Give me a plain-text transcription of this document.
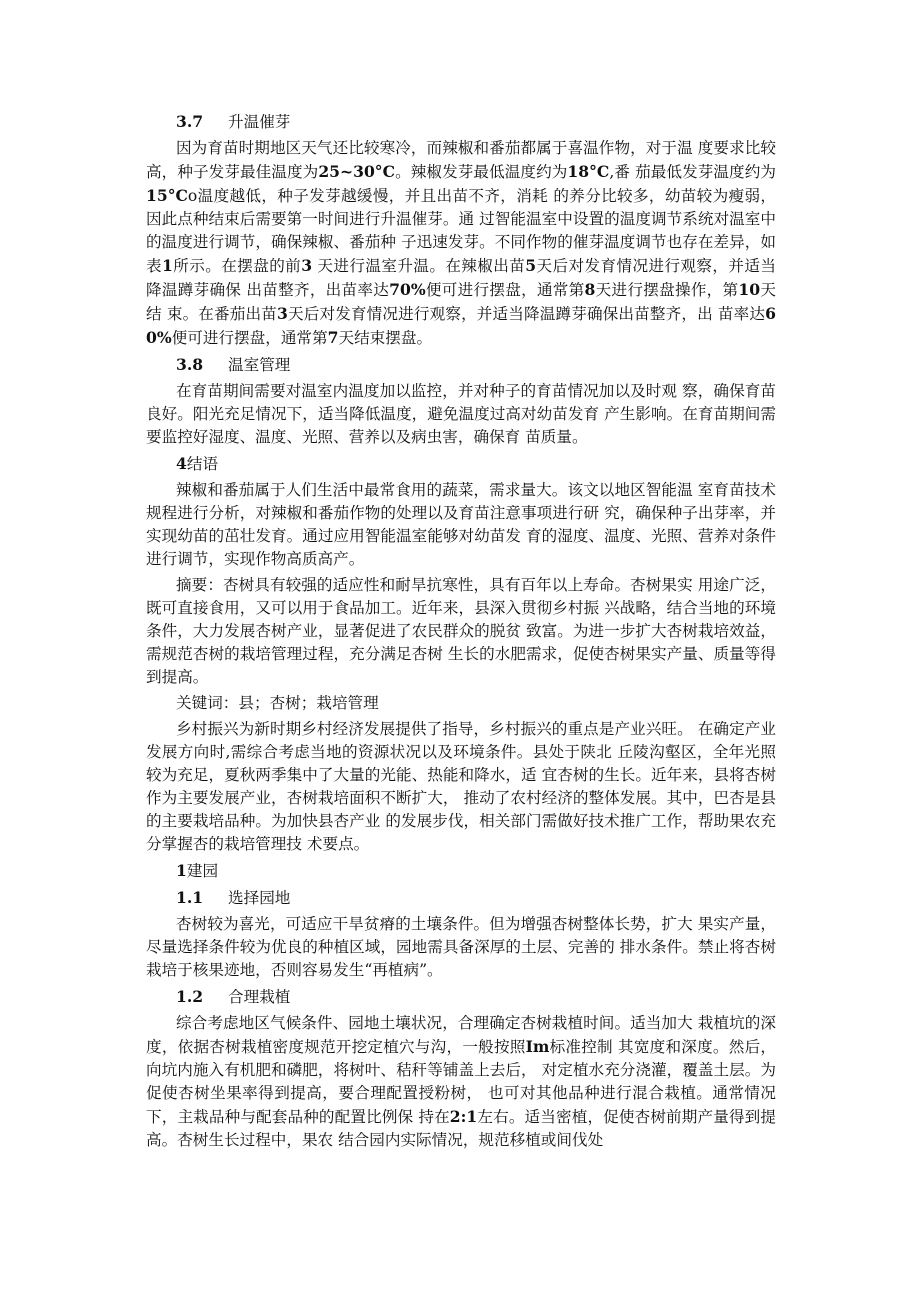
3.7 升温催芽

因为育苗时期地区天气还比较寒冷，而辣椒和番茄都属于喜温作物，对于温 度要求比较高，种子发芽最佳温度为25~30°C。辣椒发芽最低温度约为18°C,番 茄最低发芽温度约为15°Co温度越低，种子发芽越缓慢，并且出苗不齐，消耗 的养分比较多，幼苗较为瘦弱，因此点种结束后需要第一时间进行升温催芽。通 过智能温室中设置的温度调节系统对温室中的温度进行调节，确保辣椒、番茄种 子迅速发芽。不同作物的催芽温度调节也存在差异，如表1所示。在摆盘的前3 天进行温室升温。在辣椒出苗5天后对发育情况进行观察，并适当降温蹲芽确保 出苗整齐，出苗率达70%便可进行摆盘，通常第8天进行摆盘操作，第10天结 束。在番茄出苗3天后对发育情况进行观察，并适当降温蹲芽确保出苗整齐，出 苗率达60%便可进行摆盘，通常第7天结束摆盘。

3.8 温室管理

在育苗期间需要对温室内温度加以监控，并对种子的育苗情况加以及时观 察，确保育苗良好。阳光充足情况下，适当降低温度，避免温度过高对幼苗发育 产生影响。在育苗期间需要监控好湿度、温度、光照、营养以及病虫害，确保育 苗质量。

4结语

辣椒和番茄属于人们生活中最常食用的蔬菜，需求量大。该文以地区智能温 室育苗技术规程进行分析，对辣椒和番茄作物的处理以及育苗注意事项进行研 究，确保种子出芽率，并实现幼苗的茁壮发育。通过应用智能温室能够对幼苗发 育的湿度、温度、光照、营养对条件进行调节，实现作物高质高产。

摘要：杏树具有较强的适应性和耐旱抗寒性，具有百年以上寿命。杏树果实 用途广泛，既可直接食用，又可以用于食品加工。近年来，县深入贯彻乡村振 兴战略，结合当地的环境条件，大力发展杏树产业，显著促进了农民群众的脱贫 致富。为进一步扩大杏树栽培效益，需规范杏树的栽培管理过程，充分满足杏树 生长的水肥需求，促使杏树果实产量、质量等得到提高。

关键词：县；杏树；栽培管理

乡村振兴为新时期乡村经济发展提供了指导，乡村振兴的重点是产业兴旺。 在确定产业发展方向时,需综合考虑当地的资源状况以及环境条件。县处于陕北 丘陵沟壑区，全年光照较为充足，夏秋两季集中了大量的光能、热能和降水，适 宜杏树的生长。近年来，县将杏树作为主要发展产业，杏树栽培面积不断扩大， 推动了农村经济的整体发展。其中，巴杏是县的主要栽培品种。为加快县杏产业 的发展步伐，相关部门需做好技术推广工作，帮助果农充分掌握杏的栽培管理技 术要点。

1建园
1.1 选择园地

杏树较为喜光，可适应干旱贫瘠的土壤条件。但为增强杏树整体长势，扩大 果实产量，尽量选择条件较为优良的种植区域，园地需具备深厚的土层、完善的 排水条件。禁止将杏树栽培于核果迹地，否则容易发生“再植病”。

1.2 合理栽植

综合考虑地区气候条件、园地土壤状况，合理确定杏树栽植时间。适当加大 栽植坑的深度，依据杏树栽植密度规范开挖定植穴与沟，一般按照Im标准控制 其宽度和深度。然后，向坑内施入有机肥和磷肥，将树叶、秸秆等铺盖上去后， 对定植水充分浇灌，覆盖土层。为促使杏树坐果率得到提高，要合理配置授粉树， 也可对其他品种进行混合栽植。通常情况下，主栽品种与配套品种的配置比例保 持在2:1左右。适当密植，促使杏树前期产量得到提高。杏树生长过程中，果农 结合园内实际情况，规范移植或间伐处
